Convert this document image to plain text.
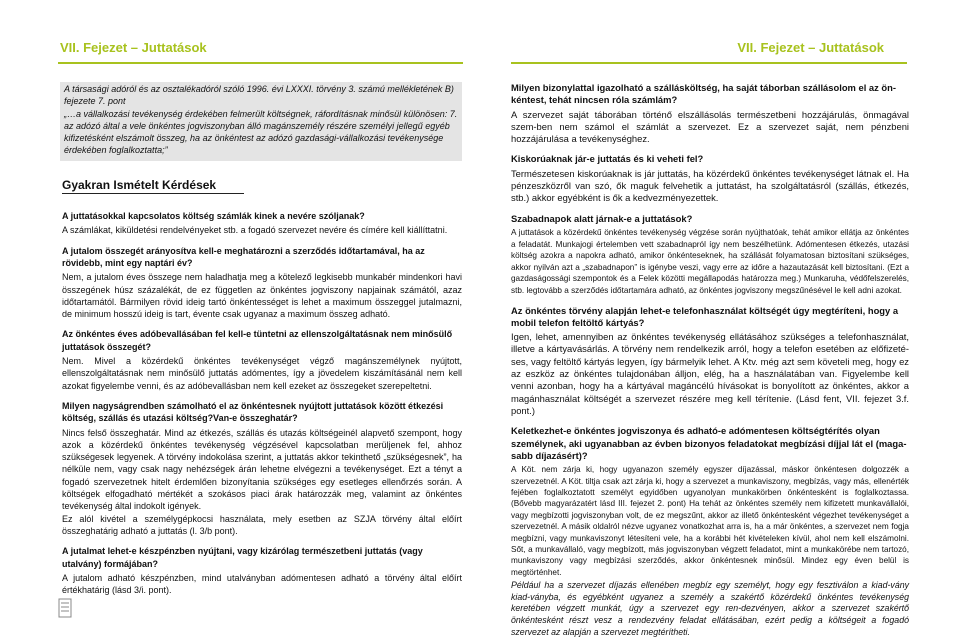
VII. Fejezet – Juttatások	VII. Fejezet – Juttatások

A társasági adóról és az osztalékadóról szóló 1996. évi LXXXI. törvény 3. számú mellékletének B) fejezete 7. pont

„…a vállalkozási tevékenység érdekében felmerült költségnek, ráfordításnak minősül különösen: 7. az adózó által a vele önkéntes jogviszonyban álló magánszemély részére személyi jellegű egyéb kifizetésként elszámolt összeg, ha az önkéntest az adózó gazdasági-vállalkozási tevékenysége érdekében foglalkoztatta;”

Gyakran Ismételt Kérdések
A juttatásokkal kapcsolatos költség számlák kinek a nevére szóljanak?
A számlákat, kiküldetési rendelvényeket stb. a fogadó szervezet nevére és címére kell kiállíttatni.
A jutalom összegét arányosítva kell-e meghatározni a szerződés időtartamával, ha az rövidebb, mint egy naptári év?
Nem, a jutalom éves összege nem haladhatja meg a kötelező legkisebb munkabér mindenkori havi összegének húsz százalékát, de ez független az önkéntes jogviszony napjainak számától, azaz időtartamától. Bármilyen rövid ideig tartó önkéntességet is lehet a maximum összeggel jutalmazni, de minimum hosszú ideig is tart, évente csak ugyanaz a maximum összeg adható.
Az önkéntes éves adóbevallásában fel kell-e tüntetni az ellenszolgáltatásnak nem minősülő juttatások összegét?
Nem. Mivel a közérdekű önkéntes tevékenységet végző magánszemélynek nyújtott, ellenszolgáltatásnak nem minősülő juttatás adómentes, így a jövedelem kiszámításánál nem kell azokat figyelembe venni, és az adóbevallásban nem kell ezeket az összegeket szerepeltetni.
Milyen nagyságrendben számolható el az önkéntesnek nyújtott juttatások között étkezési költség, szállás és utazási költség?Van-e összeghatár?
Nincs felső összeghatár. Mind az étkezés, szállás és utazás költségeinél alapvető szempont, hogy azok a közérdekű önkéntes tevékenység végzésével kapcsolatban merüljenek fel, ahhoz szükségesek legyenek. A törvény indokolása szerint, a juttatás akkor tekinthető „szükségesnek”, ha nélküle nem, vagy csak nagy nehézségek árán lehetne elvégezni a tevékenységet. Ezt a tényt a fogadó szervezetnek hitelt érdemlően bizonyítania szükséges egy esetleges ellenőrzés során. A költségek elfogadható mértékét a szokásos piaci árak határozzák meg, valamint az önkéntes tevékenység által indokolt igények.
Ez alól kivétel a személygépkocsi használata, mely esetben az SZJA törvény által előírt összeghatárig adható a juttatás (l. 3/b pont).
A jutalmat lehet-e készpénzben nyújtani, vagy kizárólag természetbeni juttatás (vagy utalvány) formájában?
A jutalom adható készpénzben, mind utalványban adómentesen adható a törvény által előírt értékhatárig (lásd 3/i. pont).
Milyen bizonylattal igazolható a szállásköltség, ha saját táborban szállásolom el az ön-kéntest, tehát nincsen róla számlám?
A szervezet saját táborában történő elszállásolás természetbeni hozzájárulás, önmagával szem-ben nem számol el számlát a szervezet. Ez a szervezet saját, nem pénzbeni hozzájárulása a tevékenységhez.
Kiskorúaknak jár-e juttatás és ki veheti fel?
Természetesen kiskorúaknak is jár juttatás, ha közérdekű önkéntes tevékenységet látnak el. Ha pénzeszközről van szó, ők maguk felvehetik a juttatást, ha szolgáltatásról (szállás, étkezés, stb.) akkor egyébként is ők a kedvezményezettek.
Szabadnapok alatt járnak-e a juttatások?
A juttatások a közérdekű önkéntes tevékenység végzése során nyújthatóak, tehát amikor ellátja az önkéntes a feladatát. Munkajogi értelemben vett szabadnapról így nem beszélhetünk. Adómentesen étkezés, utazási költség azokra a napokra adható, amikor önkénteseknek, ha szállását folyamatosan biztosítani szükséges, akkor nyilván azt a „szabadnapon” is igénybe veszi, vagy erre az időre a hazautazását kell biztosítani. (Ezt a gazdaságossági szempontok és a Felek közötti megállapodás határozza meg.) Munkaruha, védőfelszerelés, stb. legtovább a szerződés időtartamára adható, az önkéntes jogviszony megszűnésével le kell adni azokat.
Az önkéntes törvény alapján lehet-e telefonhasználat költségét úgy megtéríteni, hogy a mobil telefon feltöltő kártyás?
Igen, lehet, amennyiben az önkéntes tevékenység ellátásához szükséges a telefonhasználat, illetve a kártyavásárlás. A törvény nem rendelkezik arról, hogy a telefon esetében az előfizeté-ses, vagy feltöltő kártyás legyen, így bármelyik lehet. A Ktv. még azt sem követeli meg, hogy ez az eszköz az önkéntes tulajdonában álljon, elég, ha a használatában van. Figyelembe kell venni azonban, hogy ha a kártyával magáncélú hívásokat is bonyolított az önkéntes, akkor a magánhasználat költségét a szervezet részére meg kell térítenie. (Lásd fent, VII. fejezet 3.f. pont.)
Keletkezhet-e önkéntes jogviszonya és adható-e adómentesen költségtérítés olyan személynek, aki ugyanabban az évben bizonyos feladatokat megbízási díjjal lát el (maga-sabb díjazásért)?
A Köt. nem zárja ki, hogy ugyanazon személy egyszer díjazással, máskor önkéntesen dolgozzék a szervezetnél. A Köt. tiltja csak azt zárja ki, hogy a szervezet a munkaviszony, megbízás, vagy más, ellenérték fejében foglalkoztatott személyt egyidőben ugyanolyan munkakörben önkéntesként is foglalkoztassa. (Bővebb magyarázatért lásd III. fejezet 2. pont) Ha tehát az önkéntes személy nem kifizetett munkavállalói, vagy megbízotti jogviszonyban volt, de ez megszűnt, akkor az illető önkéntesként végezhet tevékenységet a szervezetnél. A másik oldalról nézve ugyanez vonatkozhat arra is, ha a már önkéntes, a szervezet nem fogja megbízni, vagy munkaviszonyt létesíteni vele, ha a korábbi hét kivételeken kívül, ahol nem kell elszámolni. Sőt, a munkavállaló, vagy megbízott, más jogviszonyban végzett feladatot, mint a munkakörébe nem tartozó, munkaviszony vagy megbízási szerződés, akkor önkéntesnek minősül. Mindez egy éven belül is megtörténhet.
Például ha a szervezet díjazás ellenében megbíz egy személyt, hogy egy fesztiválon a kiad-vány kiad-ványba, és egyébként ugyanez a személy a szakértő közérdekű önkéntes tevékenység keretében végzett munkát, úgy a szervezet egy ren-dezvényen, akkor a szervezet szakértő önkéntesként részt vesz a rendezvény feladat ellátásában, ezért pedig a költségeit a fogadó szervezet az alapján a szervezet megtérítheti.
